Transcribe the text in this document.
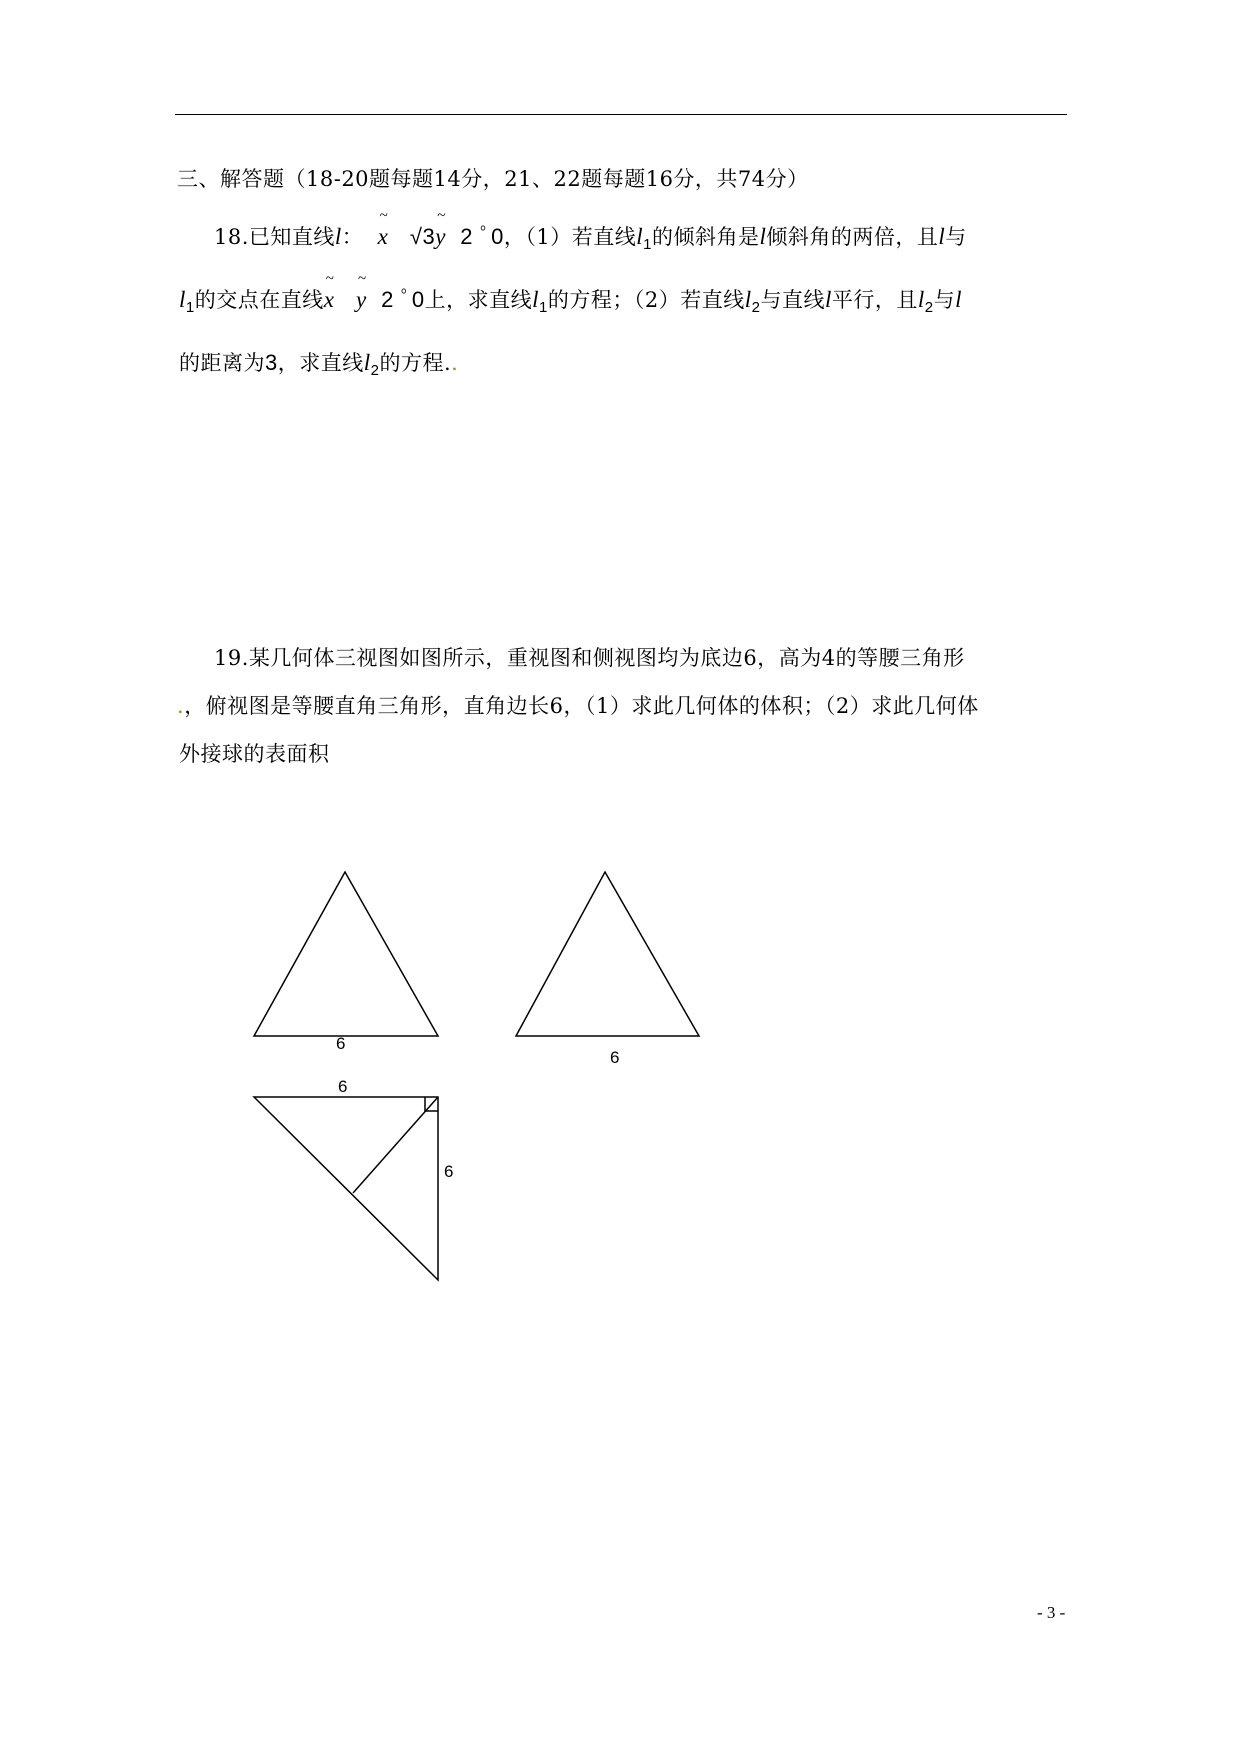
三、解答题（18-20题每题14分，21、22题每题16分，共74分）
18.已知直线l： ~ x √3~ y 2 ﾟ0，（1）若直线$l_1$的倾斜角是l倾斜角的两倍，且l与
$l_1$的交点在直线~ x ~ y 2 ﾟ0上，求直线$l_1$的方程；（2）若直线$l_2$与直线l平行，且$l_2$与l
的距离为3，求直线$l_2$的方程..
19.某几何体三视图如图所示，重视图和侧视图均为底边6，高为4的等腰三角形
.，俯视图是等腰直角三角形，直角边长6，（1）求此几何体的体积；（2）求此几何体
外接球的表面积
6
6
6
6
- 3 -
